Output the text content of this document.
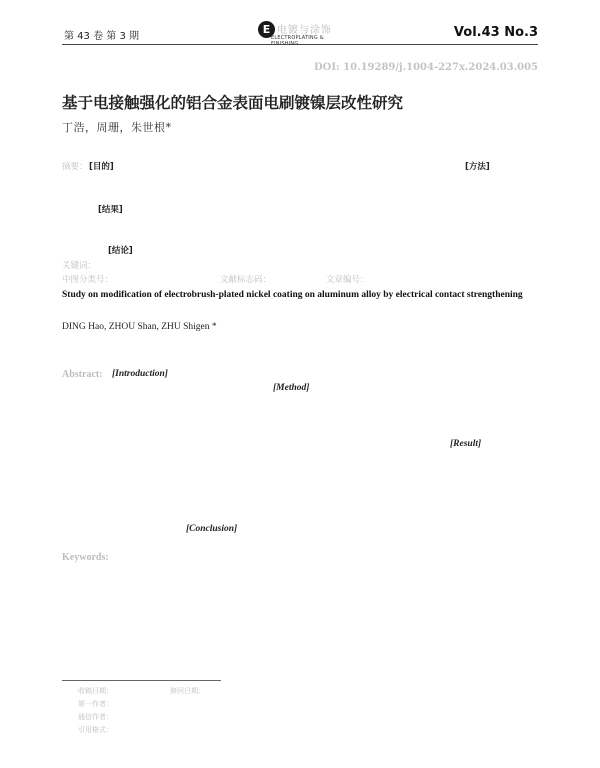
第 43 卷 第 3 期
E 电镀与涂饰
ELECTROPLATING & FINISHING
Vol.43 No.3
DOI: 10.19289/j.1004-227x.2024.03.005
基于电接触强化的铝合金表面电刷镀镍层改性研究
丁浩，周珊，朱世根*
摘要： [目的]	[方法]
[结果]
[结论]
关键词：
中图分类号：	文献标志码：	文章编号：
Study on modification of electrobrush-plated nickel coating on aluminum alloy by electrical contact strengthening
DING Hao, ZHOU Shan, ZHU Shigen *
Abstract: [Introduction]
[Method]
[Result]
[Conclusion]
Keywords:
收稿日期：	修回日期：
第一作者：
通信作者：
引用格式：
